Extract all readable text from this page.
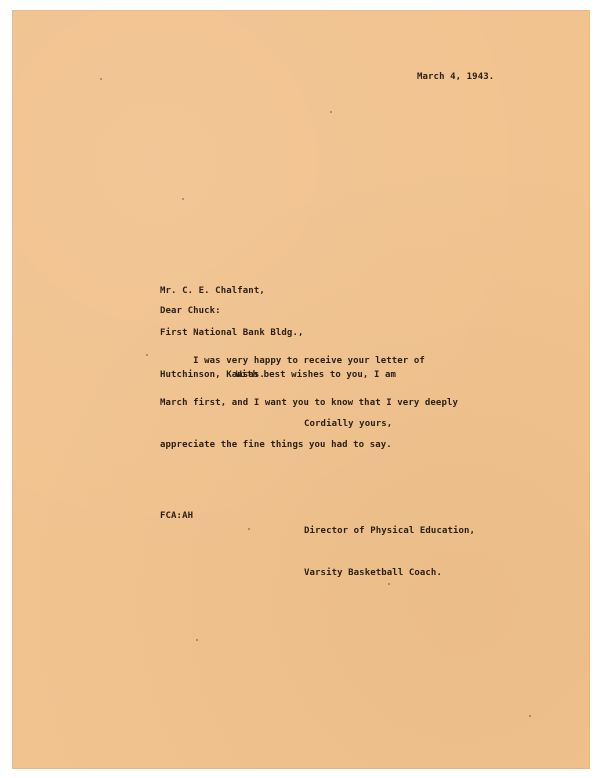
March 4, 1943.

Mr. C. E. Chalfant,

First National Bank Bldg.,

Hutchinson, Kansas.

Dear Chuck:

I was very happy to receive your letter of

March first, and I want you to know that I very deeply

appreciate the fine things you had to say.

With best wishes to you, I am
Cordially yours,
FCA:AH

Director of Physical Education,

Varsity Basketball Coach.
